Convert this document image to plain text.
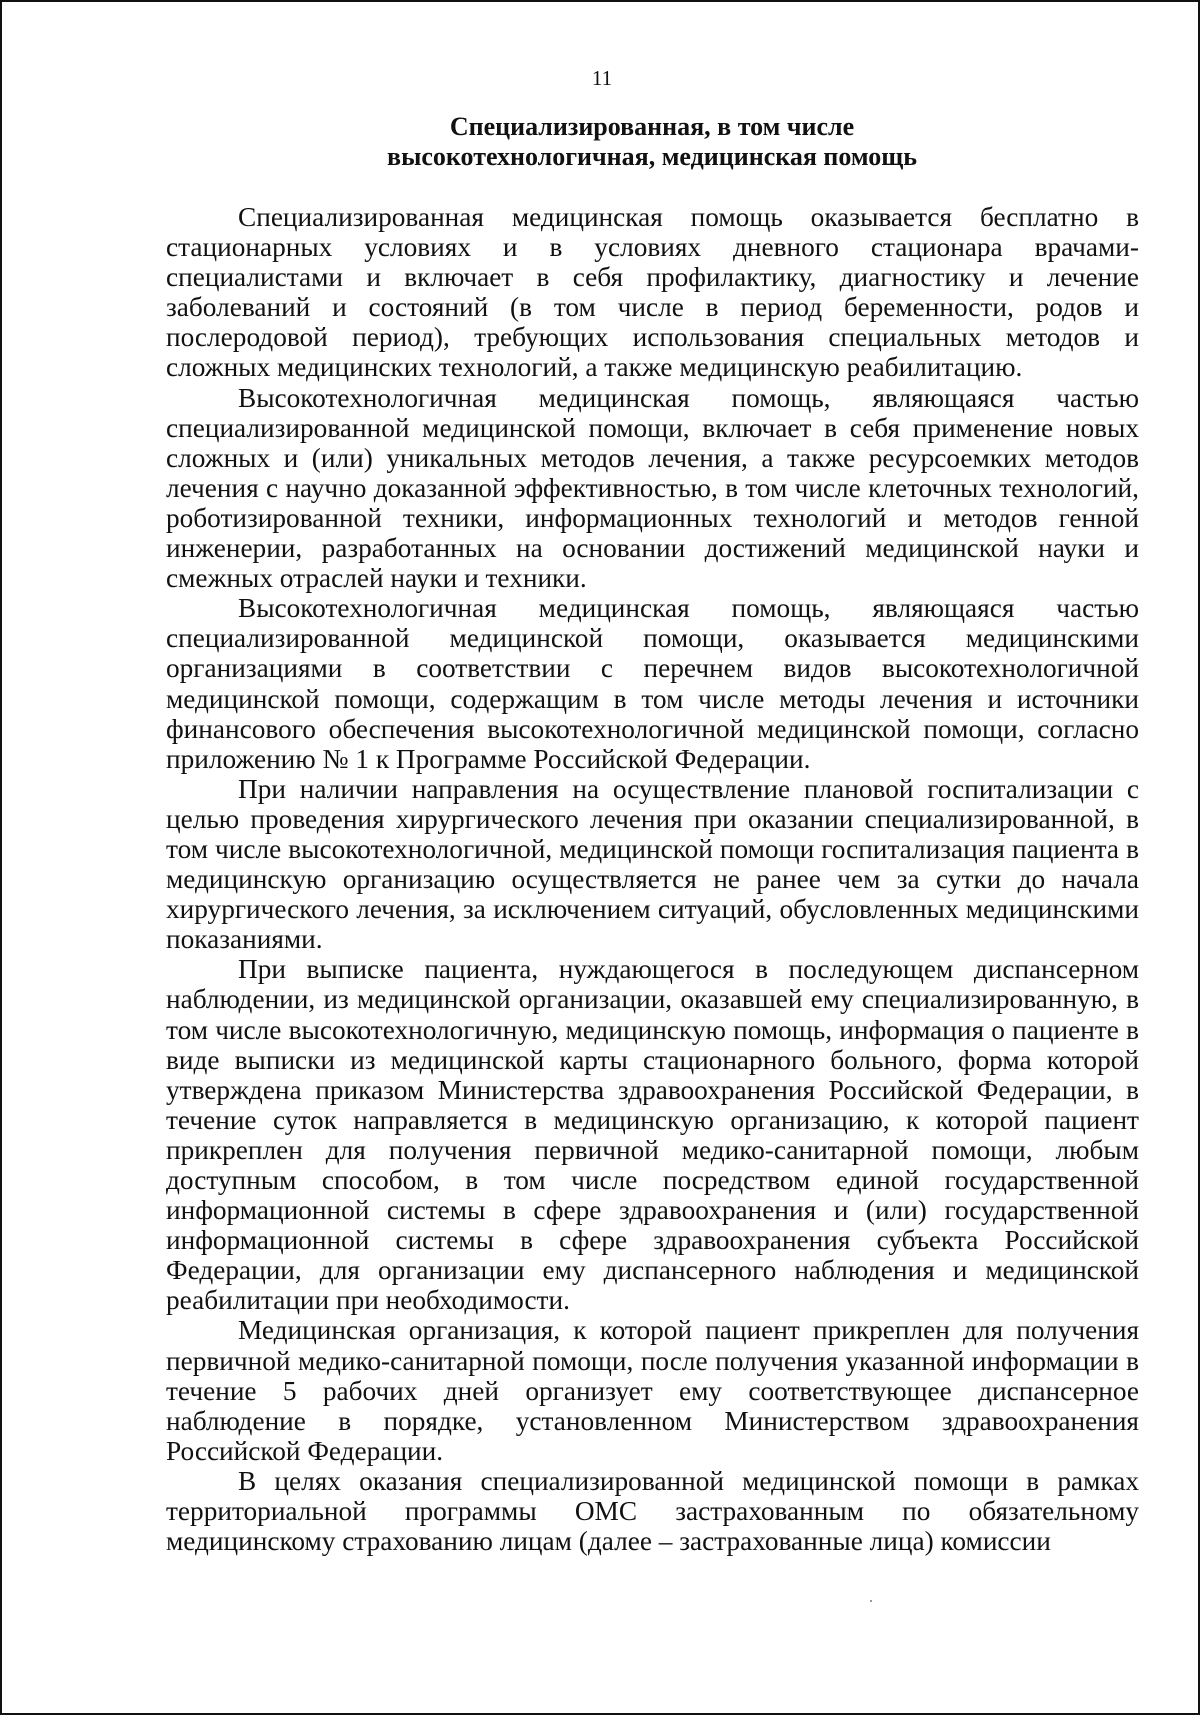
11
Специализированная, в том числе
высокотехнологичная, медицинская помощь

Специализированная медицинская помощь оказывается бесплатно в стационарных условиях и в условиях дневного стационара врачами-специалистами и включает в себя профилактику, диагностику и лечение заболеваний и состояний (в том числе в период беременности, родов и послеродовой период), требующих использования специальных методов и сложных медицинских технологий, а также медицинскую реабилитацию.

Высокотехнологичная медицинская помощь, являющаяся частью специализированной медицинской помощи, включает в себя применение новых сложных и (или) уникальных методов лечения, а также ресурсоемких методов лечения с научно доказанной эффективностью, в том числе клеточных технологий, роботизированной техники, информационных технологий и методов генной инженерии, разработанных на основании достижений медицинской науки и смежных отраслей науки и техники.

Высокотехнологичная медицинская помощь, являющаяся частью специализированной медицинской помощи, оказывается медицинскими организациями в соответствии с перечнем видов высокотехнологичной медицинской помощи, содержащим в том числе методы лечения и источники финансового обеспечения высокотехнологичной медицинской помощи, согласно приложению № 1 к Программе Российской Федерации.

При наличии направления на осуществление плановой госпитализации с целью проведения хирургического лечения при оказании специализированной, в том числе высокотехнологичной, медицинской помощи госпитализация пациента в медицинскую организацию осуществляется не ранее чем за сутки до начала хирургического лечения, за исключением ситуаций, обусловленных медицинскими показаниями.

При выписке пациента, нуждающегося в последующем диспансерном наблюдении, из медицинской организации, оказавшей ему специализированную, в том числе высокотехнологичную, медицинскую помощь, информация о пациенте в виде выписки из медицинской карты стационарного больного, форма которой утверждена приказом Министерства здравоохранения Российской Федерации, в течение суток направляется в медицинскую организацию, к которой пациент прикреплен для получения первичной медико-санитарной помощи, любым доступным способом, в том числе посредством единой государственной информационной системы в сфере здравоохранения и (или) государственной информационной системы в сфере здравоохранения субъекта Российской Федерации, для организации ему диспансерного наблюдения и медицинской реабилитации при необходимости.

Медицинская организация, к которой пациент прикреплен для получения первичной медико-санитарной помощи, после получения указанной информации в течение 5 рабочих дней организует ему соответствующее диспансерное наблюдение в порядке, установленном Министерством здравоохранения Российской Федерации.

В целях оказания специализированной медицинской помощи в рамках территориальной программы ОМС застрахованным по обязательному медицинскому страхованию лицам (далее – застрахованные лица) комиссии
